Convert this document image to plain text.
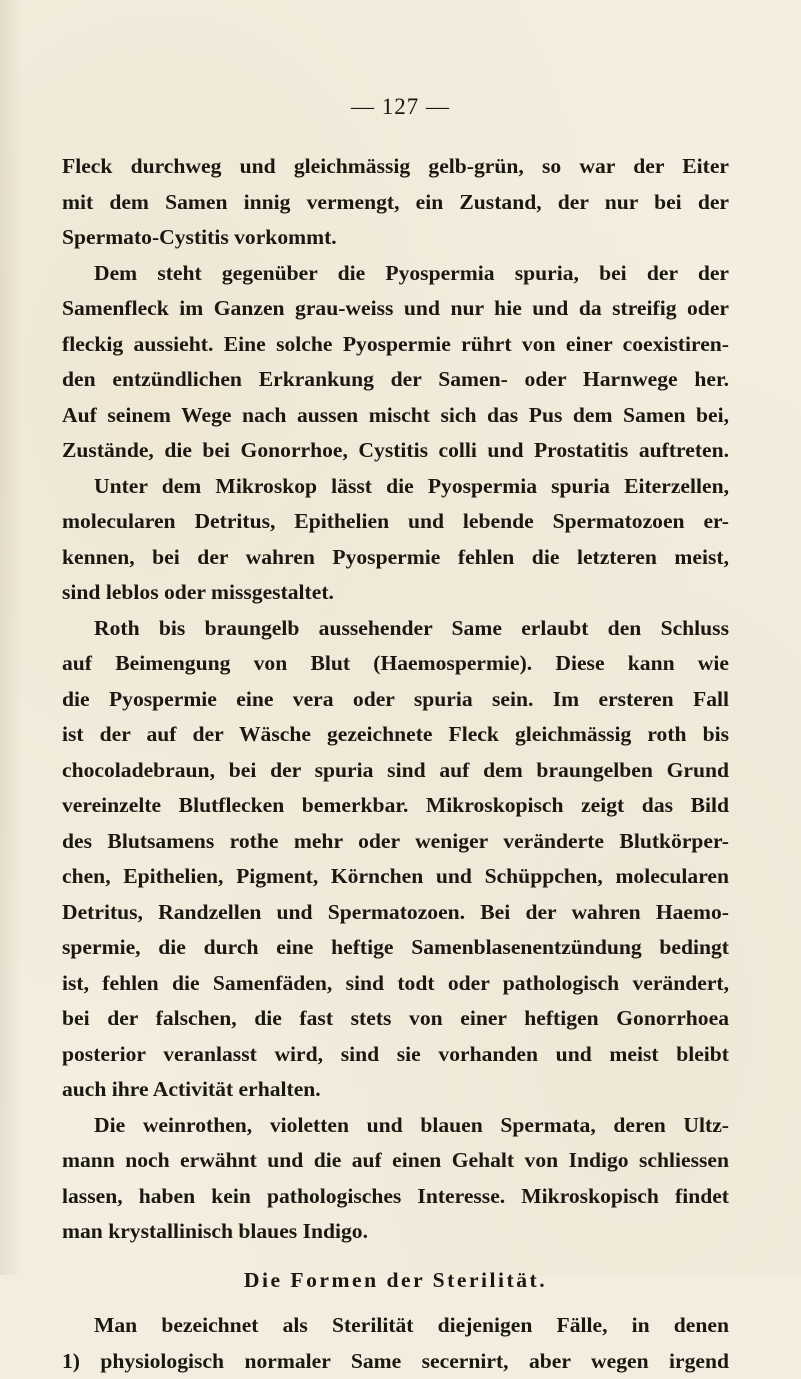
— 127 —
Fleck durchweg und gleichmässig gelb-grün, so war der Eiter
mit dem Samen innig vermengt, ein Zustand, der nur bei der
Spermato-Cystitis vorkommt.
Dem steht gegenüber die Pyospermia spuria, bei der der
Samenfleck im Ganzen grau-weiss und nur hie und da streifig oder
fleckig aussieht. Eine solche Pyospermie rührt von einer coexistiren-
den entzündlichen Erkrankung der Samen- oder Harnwege her.
Auf seinem Wege nach aussen mischt sich das Pus dem Samen bei,
Zustände, die bei Gonorrhoe, Cystitis colli und Prostatitis auftreten.
Unter dem Mikroskop lässt die Pyospermia spuria Eiterzellen,
molecularen Detritus, Epithelien und lebende Spermatozoen er-
kennen, bei der wahren Pyospermie fehlen die letzteren meist,
sind leblos oder missgestaltet.
Roth bis braungelb aussehender Same erlaubt den Schluss
auf Beimengung von Blut (Haemospermie). Diese kann wie
die Pyospermie eine vera oder spuria sein. Im ersteren Fall
ist der auf der Wäsche gezeichnete Fleck gleichmässig roth bis
chocoladebraun, bei der spuria sind auf dem braungelben Grund
vereinzelte Blutflecken bemerkbar. Mikroskopisch zeigt das Bild
des Blutsamens rothe mehr oder weniger veränderte Blutkörper-
chen, Epithelien, Pigment, Körnchen und Schüppchen, molecularen
Detritus, Randzellen und Spermatozoen. Bei der wahren Haemo-
spermie, die durch eine heftige Samenblasenentzündung bedingt
ist, fehlen die Samenfäden, sind todt oder pathologisch verändert,
bei der falschen, die fast stets von einer heftigen Gonorrhoea
posterior veranlasst wird, sind sie vorhanden und meist bleibt
auch ihre Activität erhalten.
Die weinrothen, violetten und blauen Spermata, deren Ultz-
mann noch erwähnt und die auf einen Gehalt von Indigo schliessen
lassen, haben kein pathologisches Interesse. Mikroskopisch findet
man krystallinisch blaues Indigo.
Die Formen der Sterilität.
Man bezeichnet als Sterilität diejenigen Fälle, in denen
1) physiologisch normaler Same secernirt, aber wegen irgend
